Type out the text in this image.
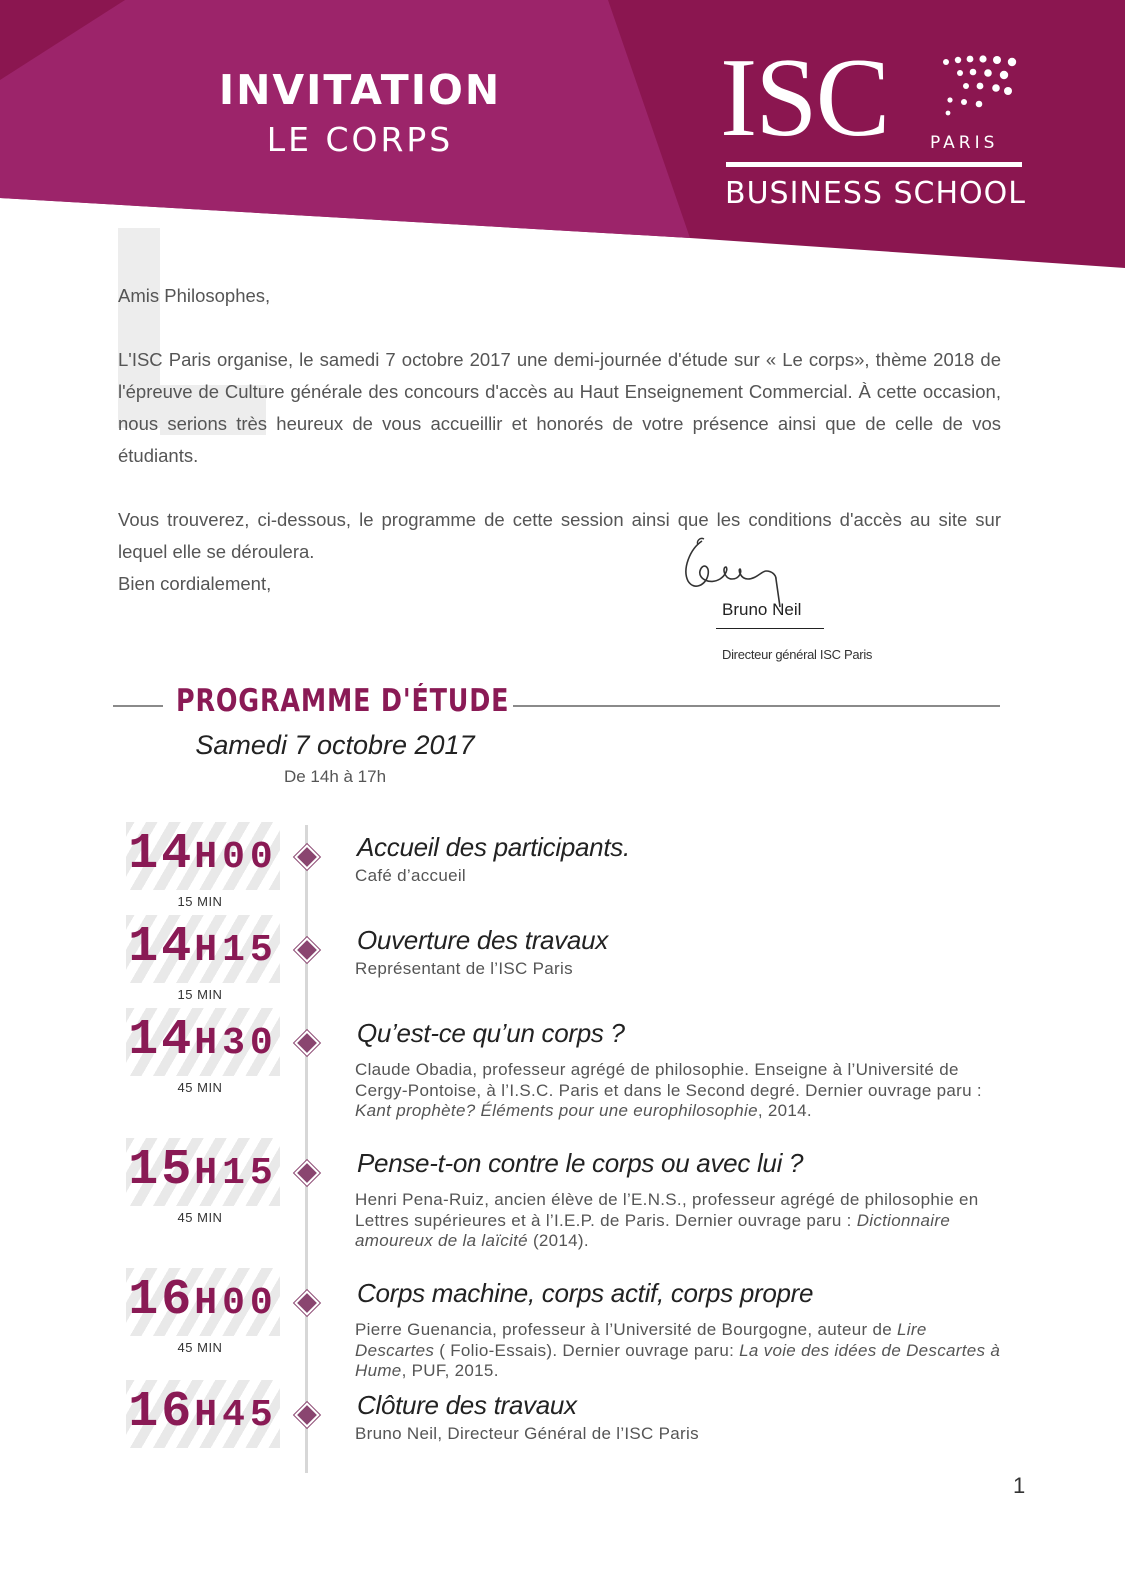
INVITATION
LE CORPS	ISC PARIS
BUSINESS SCHOOL

Amis Philosophes,

L'ISC Paris organise, le samedi 7 octobre 2017 une demi-journée d'étude sur « Le corps», thème 2018 de l'épreuve de Culture générale des concours d'accès au Haut Enseignement Commercial. À cette occasion, nous serions très heureux de vous accueillir et honorés de votre présence ainsi que de celle de vos étudiants.

Vous trouverez, ci-dessous, le programme de cette session ainsi que les conditions d'accès au site sur lequel elle se déroulera.

Bien cordialement,

Bruno Neil
Directeur général ISC Paris
PROGRAMME D'ÉTUDE
Samedi 7 octobre 2017
De 14h à 17h
14H00
15 MIN
Accueil des participants.
Café d’accueil
14H15
15 MIN
Ouverture des travaux
Représentant de l’ISC Paris
14H30
45 MIN
Qu’est-ce qu’un corps ?
Claude Obadia, professeur agrégé de philosophie. Enseigne à l’Université de Cergy-Pontoise, à l’I.S.C. Paris et dans le Second degré. Dernier ouvrage paru : Kant prophète? Éléments pour une europhilosophie, 2014.
15H15
45 MIN
Pense-t-on contre le corps ou avec lui ?
Henri Pena-Ruiz, ancien élève de l’E.N.S., professeur agrégé de philosophie en Lettres supérieures et à l’I.E.P. de Paris. Dernier ouvrage paru : Dictionnaire amoureux de la laïcité (2014).
16H00
45 MIN
Corps machine, corps actif, corps propre
Pierre Guenancia, professeur à l’Université de Bourgogne, auteur de Lire Descartes ( Folio-Essais). Dernier ouvrage paru: La voie des idées de Descartes à Hume, PUF, 2015.
16H45	Clôture des travaux
Bruno Neil, Directeur Général de l’ISC Paris
1
